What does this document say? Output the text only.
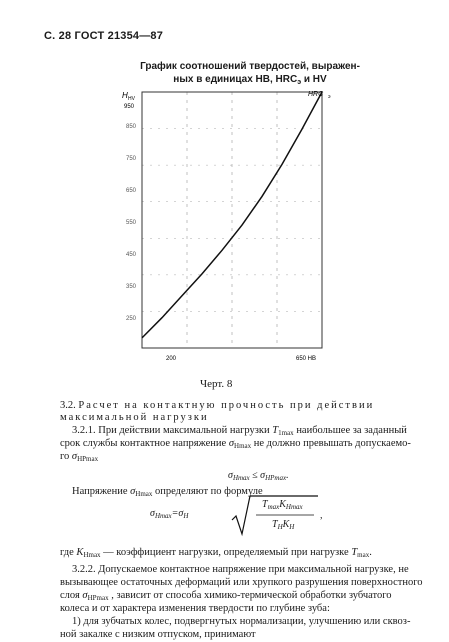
С. 28 ГОСТ 21354—87
График соотношений твердостей, выражен-
ных в единицах HB, $HRC_э$ и HV
H HV
950
HRC э
850
750
650
550
450
350
250
200	650 HB
Черт. 8
3.2. Расчет на контактную прочность при действии максимальной нагрузки
3.2.1. При действии максимальной нагрузки $T_{1max}$ наибольшее за заданный
срок службы контактное напряжение $\sigma_{Hmax}$ не должно превышать допускаемо-
го $\sigma_{HPmax}$
$\sigma_{Hmax} \le \sigma_{HPmax}$.
Напряжение $\sigma_{Hmax}$ определяют по формуле
$\sigma_{Hmax}=\sigma_H$
$T_{max}K_{Hmax}$
$T_HK_H$
,
где $K_{Hmax}$ — коэффициент нагрузки, определяемый при нагрузке $T_{max}$.
3.2.2. Допускаемое контактное напряжение при максимальной нагрузке, не
вызывающее остаточных деформаций или хрупкого разрушения поверхностного
слоя $\sigma_{HPmax}$ , зависит от способа химико-термической обработки зубчатого
колеса и от характера изменения твердости по глубине зуба:
1) для зубчатых колес, подвергнутых нормализации, улучшению или сквоз-
ной закалке с низким отпуском, принимают
